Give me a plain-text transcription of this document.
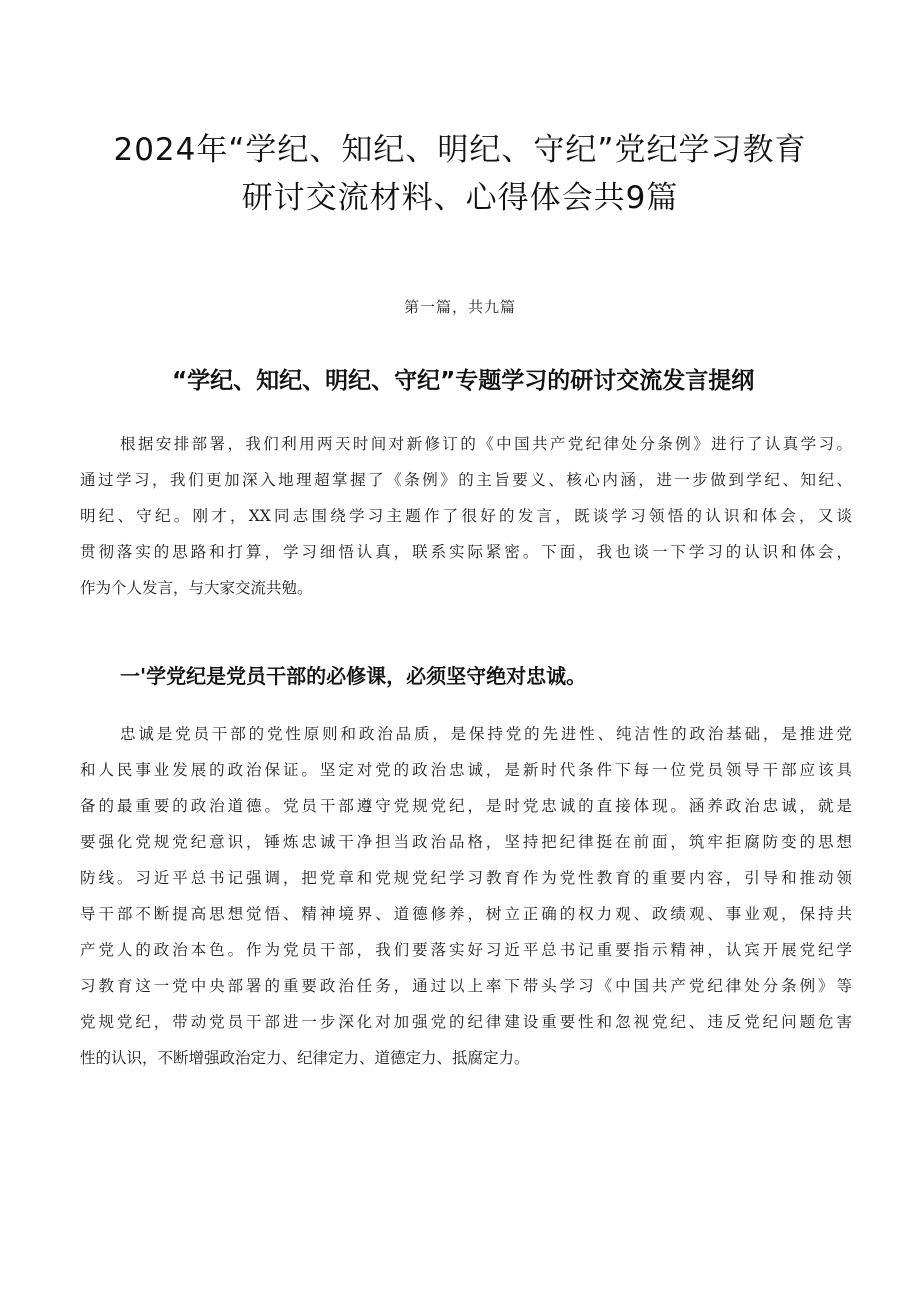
2024年“学纪、知纪、明纪、守纪”党纪学习教育
研讨交流材料、心得体会共9篇
第一篇，共九篇
“学纪、知纪、明纪、守纪”专题学习的研讨交流发言提纲
根据安排部署，我们利用两天时间对新修订的《中国共产党纪律处分条例》进行了认真学习。
通过学习，我们更加深入地理超掌握了《条例》的主旨要义、核心内涵，进一步做到学纪、知纪、
明纪、守纪。刚才，XX同志围绕学习主题作了很好的发言，既谈学习领悟的认识和体会，又谈
贯彻落实的思路和打算，学习细悟认真，联系实际紧密。下面，我也谈一下学习的认识和体会，
作为个人发言，与大家交流共勉。
一'学党纪是党员干部的必修课，必须坚守绝对忠诚。
忠诚是党员干部的党性原则和政治品质，是保持党的先进性、纯洁性的政治基础，是推进党
和人民事业发展的政治保证。坚定对党的政治忠诚，是新时代条件下每一位党员领导干部应该具
备的最重要的政治道德。党员干部遵守党规党纪，是时党忠诚的直接体现。涵养政治忠诚，就是
要强化党规党纪意识，锤炼忠诚干净担当政治品格，坚持把纪律挺在前面，筑牢拒腐防变的思想
防线。习近平总书记强调，把党章和党规党纪学习教育作为党性教育的重要内容，引导和推动领
导干部不断提高思想觉悟、精神境界、道德修养，树立正确的权力观、政绩观、事业观，保持共
产党人的政治本色。作为党员干部，我们要落实好习近平总书记重要指示精神，认宾开展党纪学
习教育这一党中央部署的重要政治任务，通过以上率下带头学习《中国共产党纪律处分条例》等
党规党纪，带动党员干部进一步深化对加强党的纪律建设重要性和忽视党纪、违反党纪问题危害
性的认识，不断增强政治定力、纪律定力、道德定力、抵腐定力。
